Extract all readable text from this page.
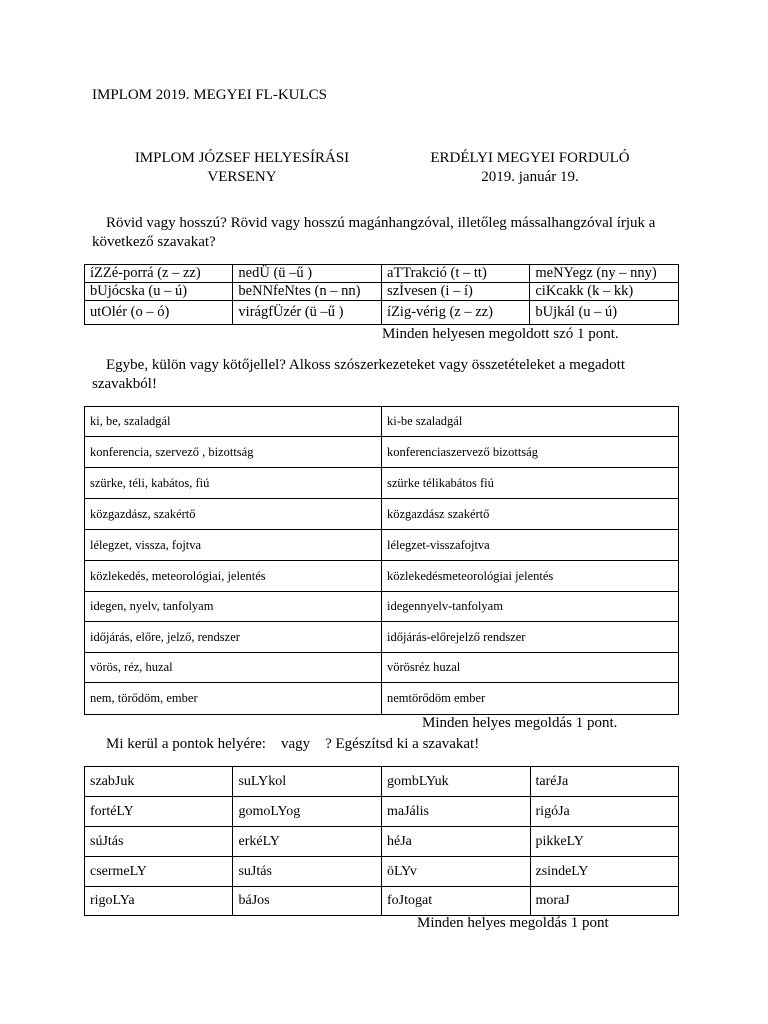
IMPLOM 2019. MEGYEI FL-KULCS
IMPLOM JÓZSEF HELYESÍRÁSI
VERSENY
ERDÉLYI MEGYEI FORDULÓ
2019. január 19.
Rövid vagy hosszú? Rövid vagy hosszú magánhangzóval, illetőleg mássalhangzóval írjuk a
következő szavakat?
íZZé-porrá (z – zz)	nedÜ (ü –ű )	aTTrakció (t – tt)	meNYegz (ny – nny)
bUjócska (u – ú)	beNNfeNtes (n – nn)	szÍvesen (i – í)	ciKcakk (k – kk)
utOlér (o – ó)	virágfÜzér (ü –ű )	íZig-vérig (z – zz)	bUjkál (u – ú)
Minden helyesen megoldott szó 1 pont.
Egybe, külön vagy kötőjellel? Alkoss szószerkezeteket vagy összetételeket a megadott
szavakból!
ki, be, szaladgál	ki-be szaladgál
konferencia, szervező , bizottság	konferenciaszervező bizottság
szürke, téli, kabátos, fiú	szürke télikabátos fiú
közgazdász, szakértő	közgazdász szakértő
lélegzet, vissza, fojtva	lélegzet-visszafojtva
közlekedés, meteorológiai, jelentés	közlekedésmeteorológiai jelentés
idegen, nyelv, tanfolyam	idegennyelv-tanfolyam
időjárás, előre, jelző, rendszer	időjárás-előrejelző rendszer
vörös, réz, huzal	vörösréz huzal
nem, törődöm, ember	nemtörődöm ember
Minden helyes megoldás 1 pont.
Mi kerül a pontok helyére:    vagy    ? Egészítsd ki a szavakat!
szabJuk	suLYkol	gombLYuk	taréJa
fortéLY	gomoLYog	maJális	rigóJa
súJtás	erkéLY	héJa	pikkeLY
csermeLY	suJtás	öLYv	zsindeLY
rigoLYa	báJos	foJtogat	moraJ
Minden helyes megoldás 1 pont
